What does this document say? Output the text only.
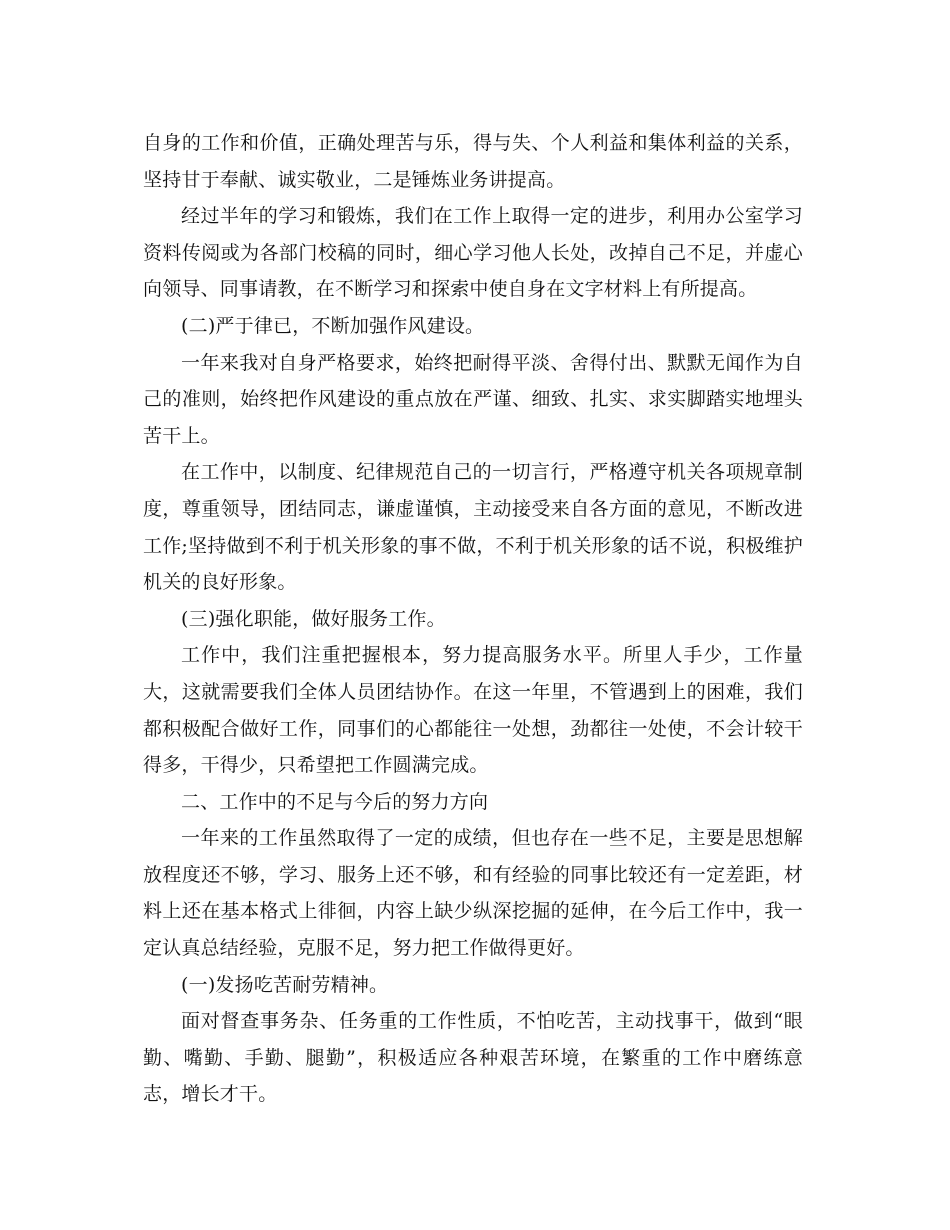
自身的工作和价值，正确处理苦与乐，得与失、个人利益和集体利益的关系，坚持甘于奉献、诚实敬业，二是锤炼业务讲提高。

经过半年的学习和锻炼，我们在工作上取得一定的进步，利用办公室学习资料传阅或为各部门校稿的同时，细心学习他人长处，改掉自己不足，并虚心向领导、同事请教，在不断学习和探索中使自身在文字材料上有所提高。

(二)严于律已，不断加强作风建设。

一年来我对自身严格要求，始终把耐得平淡、舍得付出、默默无闻作为自己的准则，始终把作风建设的重点放在严谨、细致、扎实、求实脚踏实地埋头苦干上。

在工作中，以制度、纪律规范自己的一切言行，严格遵守机关各项规章制度，尊重领导，团结同志，谦虚谨慎，主动接受来自各方面的意见，不断改进工作;坚持做到不利于机关形象的事不做，不利于机关形象的话不说，积极维护机关的良好形象。

(三)强化职能，做好服务工作。

工作中，我们注重把握根本，努力提高服务水平。所里人手少，工作量大，这就需要我们全体人员团结协作。在这一年里，不管遇到上的困难，我们都积极配合做好工作，同事们的心都能往一处想，劲都往一处使，不会计较干得多，干得少，只希望把工作圆满完成。

二、工作中的不足与今后的努力方向

一年来的工作虽然取得了一定的成绩，但也存在一些不足，主要是思想解放程度还不够，学习、服务上还不够，和有经验的同事比较还有一定差距，材料上还在基本格式上徘徊，内容上缺少纵深挖掘的延伸，在今后工作中，我一定认真总结经验，克服不足，努力把工作做得更好。

(一)发扬吃苦耐劳精神。

面对督查事务杂、任务重的工作性质，不怕吃苦，主动找事干，做到“眼勤、嘴勤、手勤、腿勤”，积极适应各种艰苦环境，在繁重的工作中磨练意志，增长才干。
